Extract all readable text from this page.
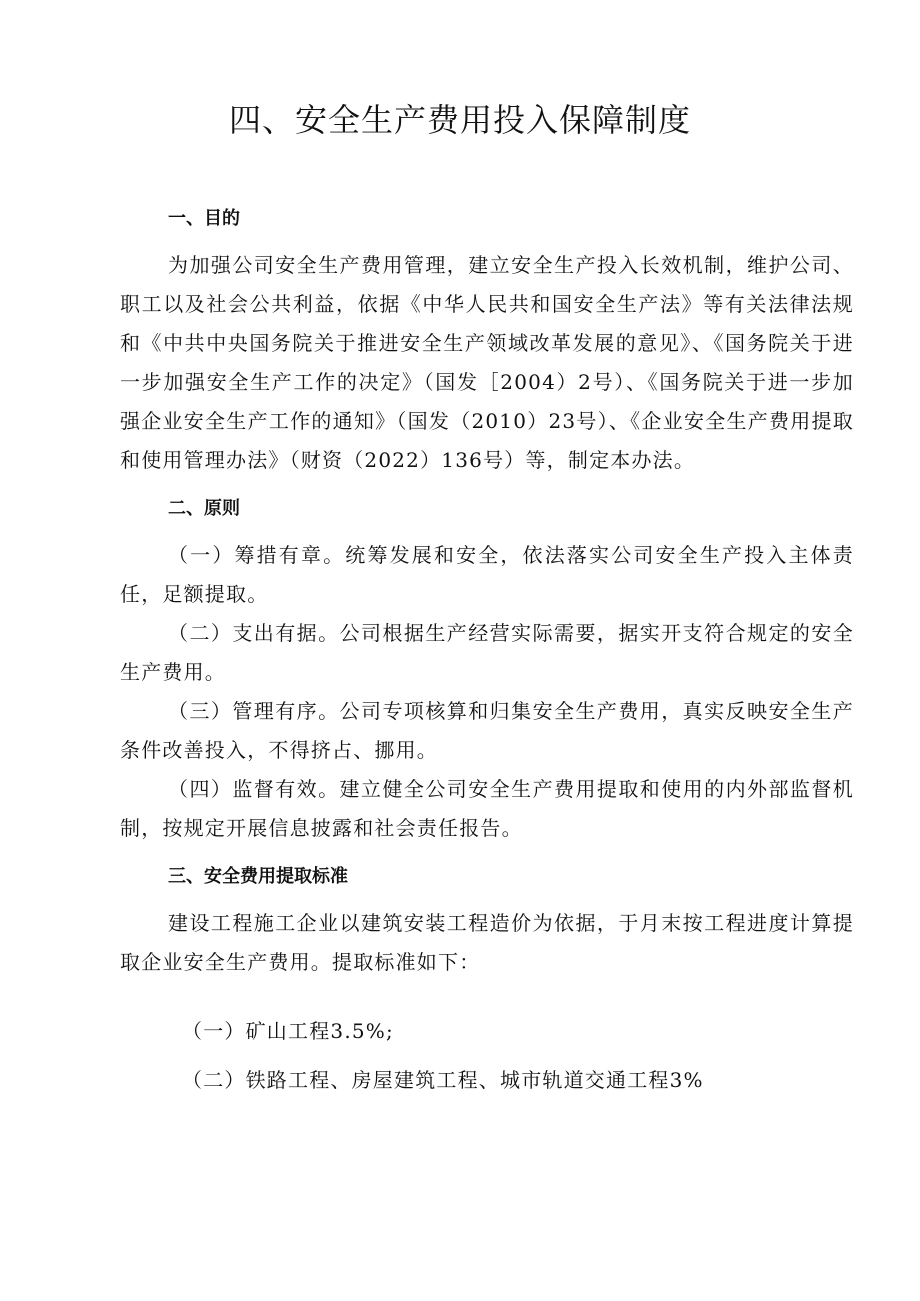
四、安全生产费用投入保障制度
一、目的

为加强公司安全生产费用管理，建立安全生产投入长效机制，维护公司、职工以及社会公共利益，依据《中华人民共和国安全生产法》等有关法律法规和《中共中央国务院关于推进安全生产领域改革发展的意见》、《国务院关于进一步加强安全生产工作的决定》（国发［2004）2号）、《国务院关于进一步加强企业安全生产工作的通知》（国发（2010）23号）、《企业安全生产费用提取和使用管理办法》（财资（2022）136号）等，制定本办法。

二、原则

（一）筹措有章。统筹发展和安全，依法落实公司安全生产投入主体责任，足额提取。

（二）支出有据。公司根据生产经营实际需要，据实开支符合规定的安全生产费用。

（三）管理有序。公司专项核算和归集安全生产费用，真实反映安全生产条件改善投入，不得挤占、挪用。

（四）监督有效。建立健全公司安全生产费用提取和使用的内外部监督机制，按规定开展信息披露和社会责任报告。

三、安全费用提取标准

建设工程施工企业以建筑安装工程造价为依据，于月末按工程进度计算提取企业安全生产费用。提取标准如下：

（一）矿山工程3.5%;
（二）铁路工程、房屋建筑工程、城市轨道交通工程3%
